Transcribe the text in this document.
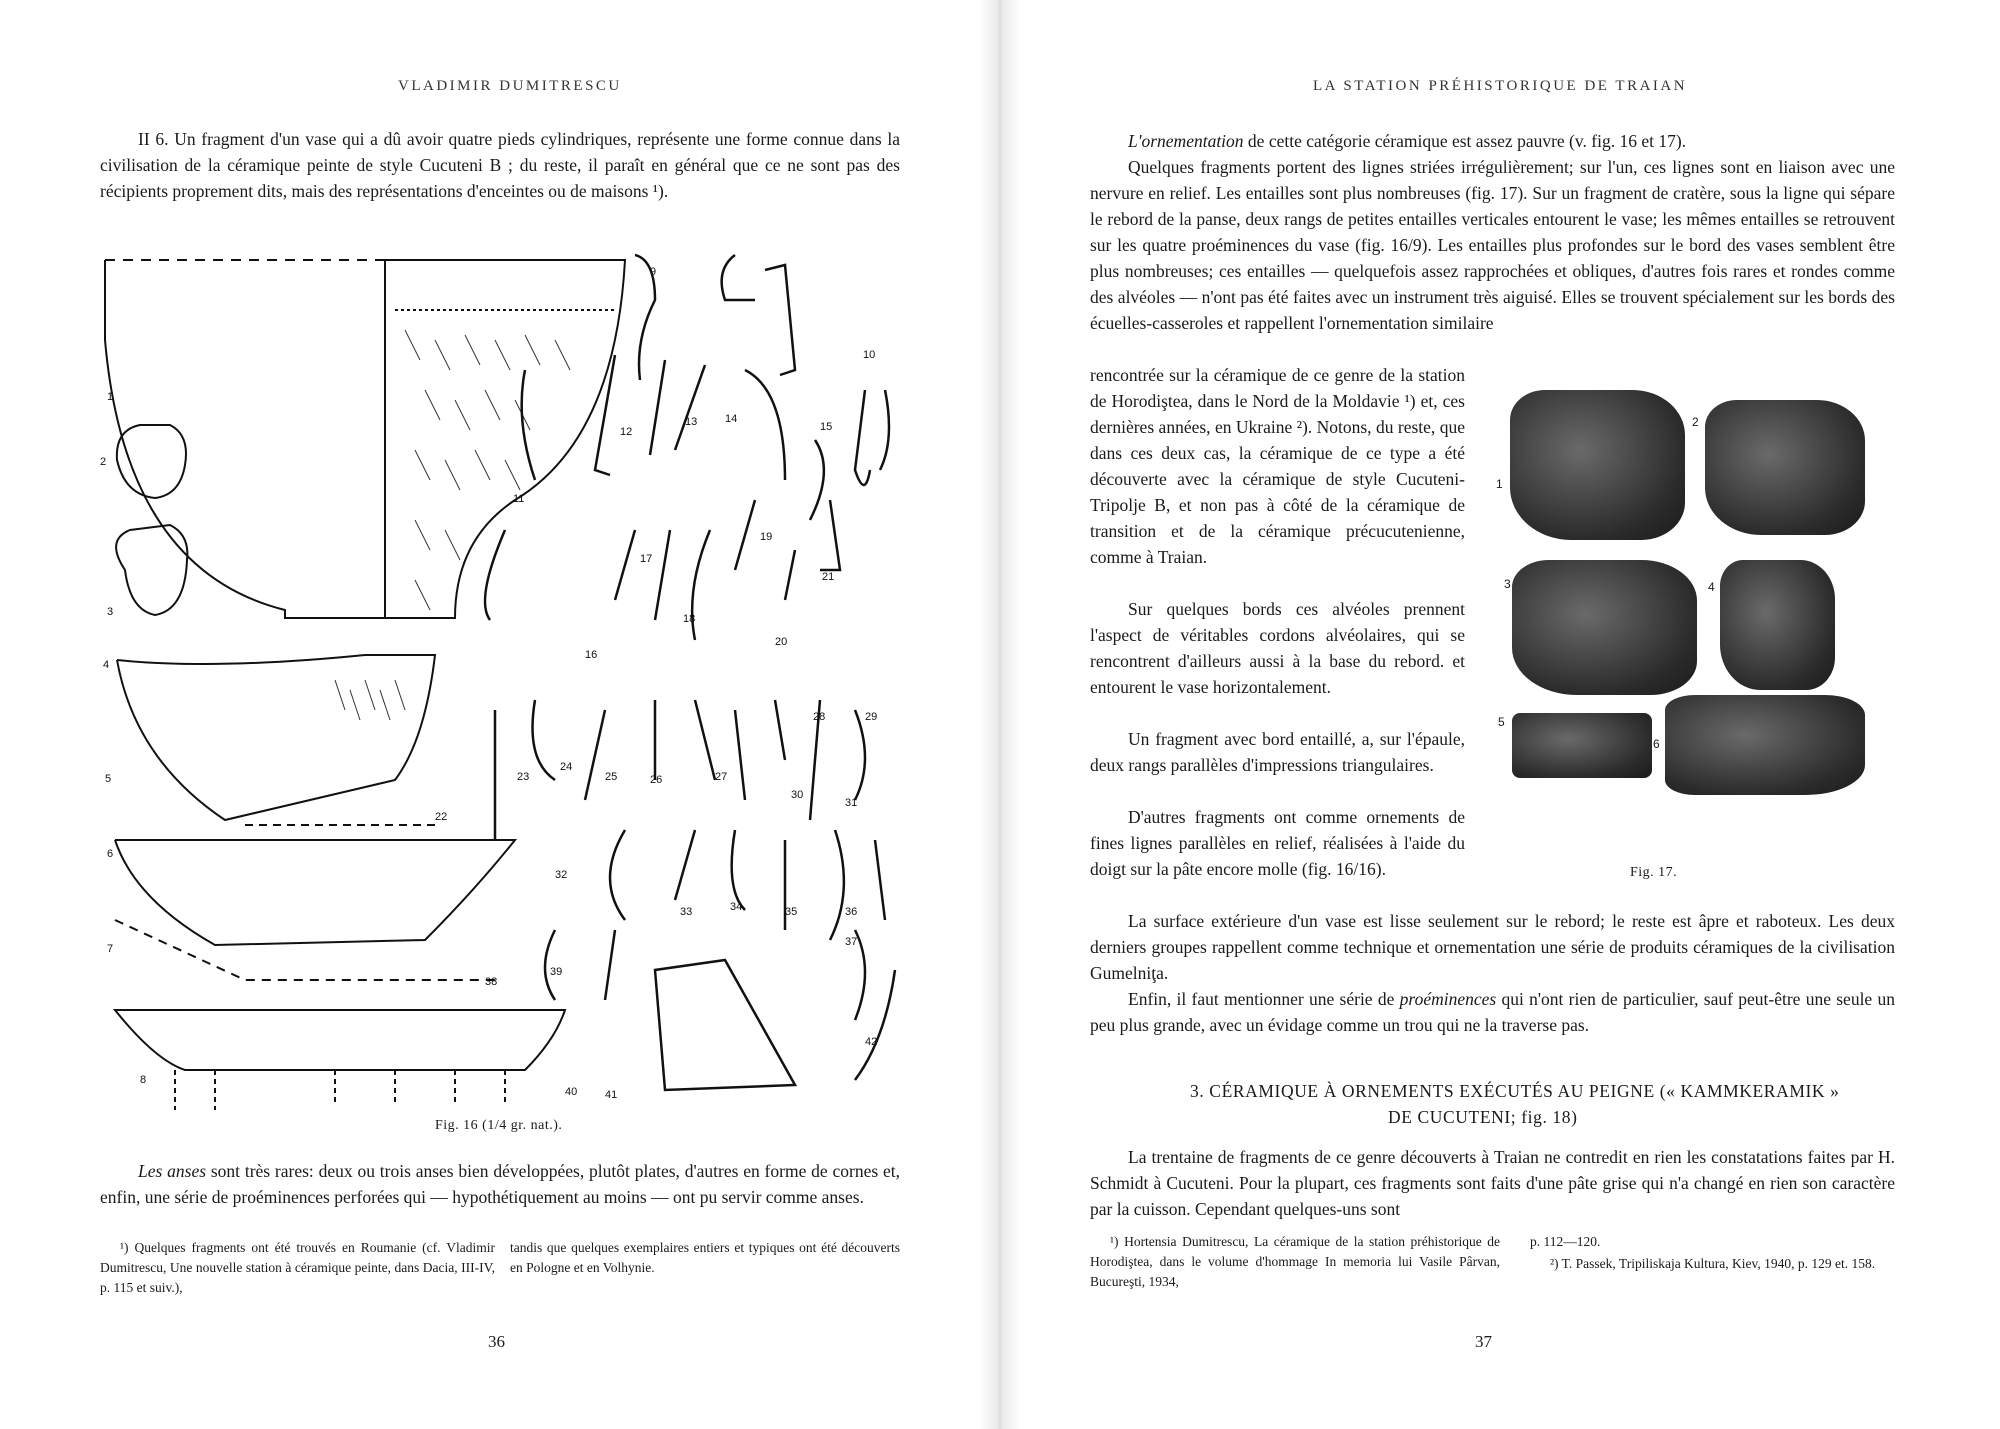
VLADIMIR DUMITRESCU

II 6. Un fragment d'un vase qui a dû avoir quatre pieds cylindriques, représente une forme connue dans la civilisation de la céramique peinte de style Cucuteni B ; du reste, il paraît en général que ce ne sont pas des récipients proprement dits, mais des représentations d'enceintes ou de maisons ¹).

1
2
3
4
5
6
7
8
9
10
11
12
13	14
15
16
17
18
19
20
21
22
23
24
25	26	27
28	29
30
31
32
33	34	35	36
37
38
39
40	41
42
Fig. 16 (1/4 gr. nat.).

Les anses sont très rares: deux ou trois anses bien développées, plutôt plates, d'autres en forme de cornes et, enfin, une série de proéminences perforées qui — hypothétiquement au moins — ont pu servir comme anses.

¹) Quelques fragments ont été trouvés en Roumanie (cf. Vladimir Dumitrescu, Une nouvelle station à céramique peinte, dans Dacia, III-IV, p. 115 et suiv.),

tandis que quelques exemplaires entiers et typiques ont été découverts en Pologne et en Volhynie.

36
LA STATION PRÉHISTORIQUE DE TRAIAN

L'ornementation de cette catégorie céramique est assez pauvre (v. fig. 16 et 17).

Quelques fragments portent des lignes striées irrégulièrement; sur l'un, ces lignes sont en liaison avec une nervure en relief. Les entailles sont plus nombreuses (fig. 17). Sur un fragment de cratère, sous la ligne qui sépare le rebord de la panse, deux rangs de petites entailles verticales entourent le vase; les mêmes entailles se retrouvent sur les quatre proéminences du vase (fig. 16/9). Les entailles plus profondes sur le bord des vases semblent être plus nombreuses; ces entailles — quelquefois assez rapprochées et obliques, d'autres fois rares et rondes comme des alvéoles — n'ont pas été faites avec un instrument très aiguisé. Elles se trouvent spécialement sur les bords des écuelles-casseroles et rappellent l'ornementation similaire

rencontrée sur la céramique de ce genre de la station de Horodiştea, dans le Nord de la Moldavie ¹) et, ces dernières années, en Ukraine ²). Notons, du reste, que dans ces deux cas, la céramique de ce type a été découverte avec la céramique de style Cucuteni-Tripolje B, et non pas à côté de la céramique de transition et de la céramique précucutenienne, comme à Traian.

Sur quelques bords ces alvéoles prennent l'aspect de véritables cordons alvéolaires, qui se rencontrent d'ailleurs aussi à la base du rebord. et entourent le vase horizontalement.

Un fragment avec bord entaillé, a, sur l'épaule, deux rangs parallèles d'impressions triangulaires.

D'autres fragments ont comme ornements de fines lignes parallèles en relief, réalisées à l'aide du doigt sur la pâte encore molle (fig. 16/16).

1
2
3	4
5
6
Fig. 17.

La surface extérieure d'un vase est lisse seulement sur le rebord; le reste est âpre et raboteux. Les deux derniers groupes rappellent comme technique et ornementation une série de produits céramiques de la civilisation Gumelniţa.

Enfin, il faut mentionner une série de proéminences qui n'ont rien de particulier, sauf peut-être une seule un peu plus grande, avec un évidage comme un trou qui ne la traverse pas.

3. CÉRAMIQUE À ORNEMENTS EXÉCUTÉS AU PEIGNE (« KAMMKERAMIK »
DE CUCUTENI; fig. 18)

La trentaine de fragments de ce genre découverts à Traian ne contredit en rien les constatations faites par H. Schmidt à Cucuteni. Pour la plupart, ces fragments sont faits d'une pâte grise qui n'a changé en rien son caractère par la cuisson. Cependant quelques-uns sont

¹) Hortensia Dumitrescu, La céramique de la station préhistorique de Horodiştea, dans le volume d'hommage In memoria lui Vasile Pârvan, Bucureşti, 1934,

p. 112—120.

²) T. Passek, Tripiliskaja Kultura, Kiev, 1940, p. 129 et. 158.

37
